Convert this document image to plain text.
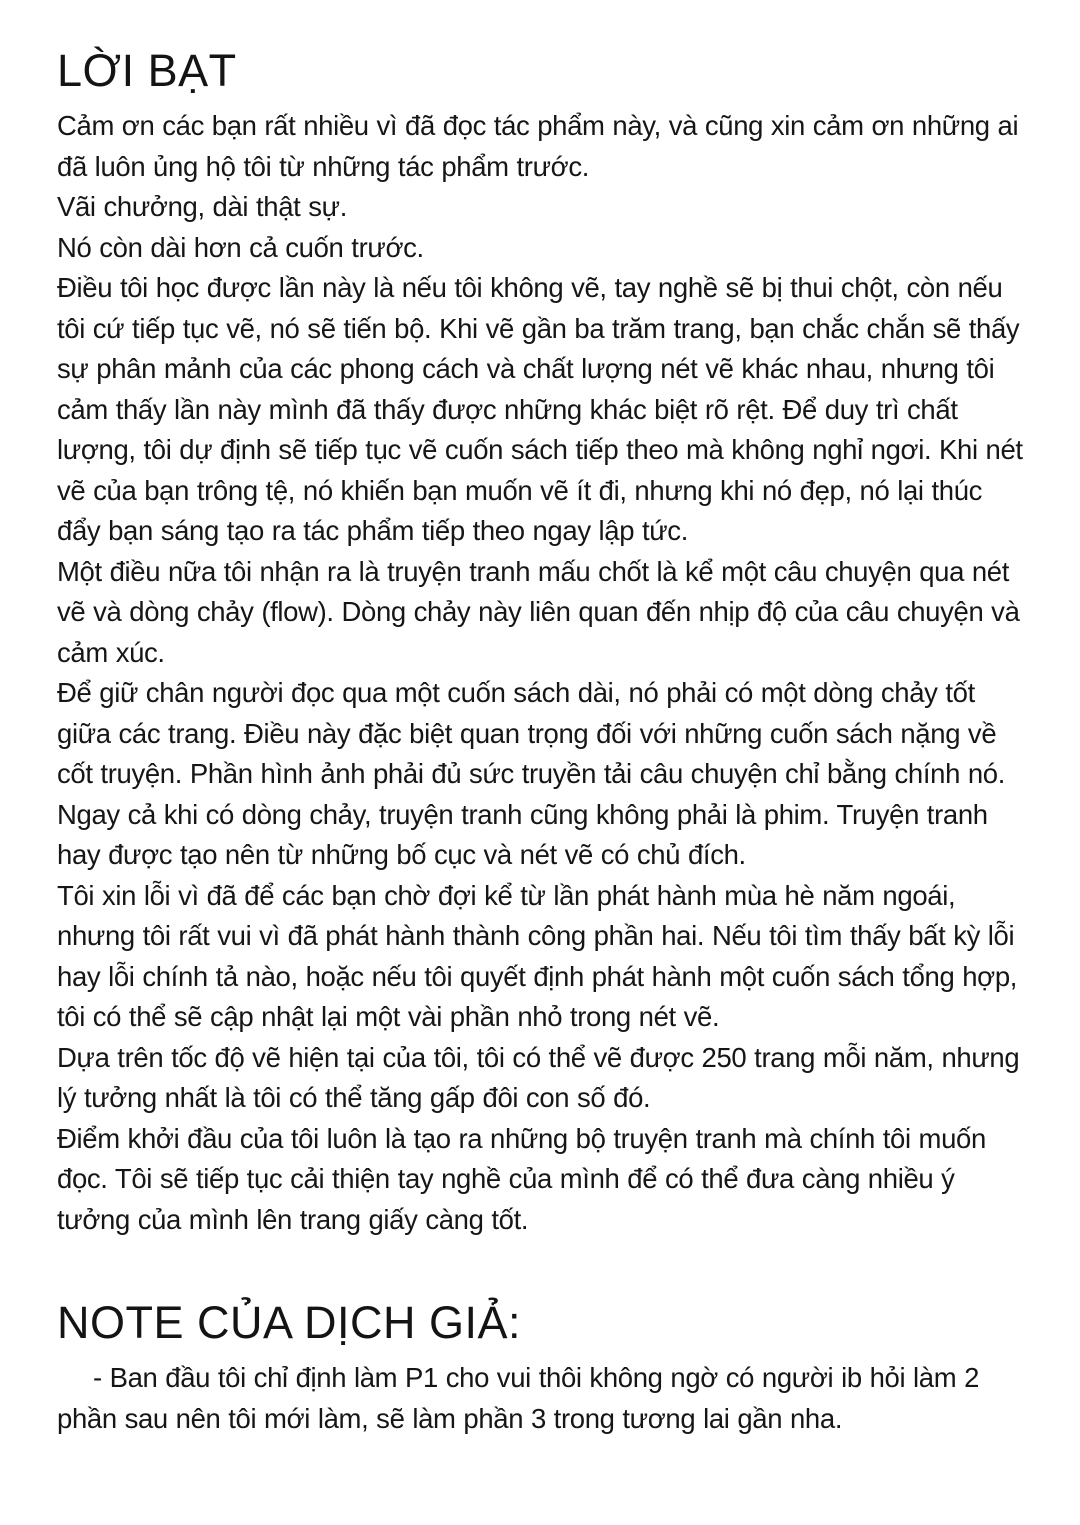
LỜI BẠT

Cảm ơn các bạn rất nhiều vì đã đọc tác phẩm này, và cũng xin cảm ơn những ai đã luôn ủng hộ tôi từ những tác phẩm trước.

Vãi chưởng, dài thật sự.

Nó còn dài hơn cả cuốn trước.

Điều tôi học được lần này là nếu tôi không vẽ, tay nghề sẽ bị thui chột, còn nếu tôi cứ tiếp tục vẽ, nó sẽ tiến bộ. Khi vẽ gần ba trăm trang, bạn chắc chắn sẽ thấy sự phân mảnh của các phong cách và chất lượng nét vẽ khác nhau, nhưng tôi cảm thấy lần này mình đã thấy được những khác biệt rõ rệt. Để duy trì chất lượng, tôi dự định sẽ tiếp tục vẽ cuốn sách tiếp theo mà không nghỉ ngơi. Khi nét vẽ của bạn trông tệ, nó khiến bạn muốn vẽ ít đi, nhưng khi nó đẹp, nó lại thúc đẩy bạn sáng tạo ra tác phẩm tiếp theo ngay lập tức.

Một điều nữa tôi nhận ra là truyện tranh mấu chốt là kể một câu chuyện qua nét vẽ và dòng chảy (flow). Dòng chảy này liên quan đến nhịp độ của câu chuyện và cảm xúc.

Để giữ chân người đọc qua một cuốn sách dài, nó phải có một dòng chảy tốt giữa các trang. Điều này đặc biệt quan trọng đối với những cuốn sách nặng về cốt truyện. Phần hình ảnh phải đủ sức truyền tải câu chuyện chỉ bằng chính nó. Ngay cả khi có dòng chảy, truyện tranh cũng không phải là phim. Truyện tranh hay được tạo nên từ những bố cục và nét vẽ có chủ đích.

Tôi xin lỗi vì đã để các bạn chờ đợi kể từ lần phát hành mùa hè năm ngoái, nhưng tôi rất vui vì đã phát hành thành công phần hai. Nếu tôi tìm thấy bất kỳ lỗi hay lỗi chính tả nào, hoặc nếu tôi quyết định phát hành một cuốn sách tổng hợp, tôi có thể sẽ cập nhật lại một vài phần nhỏ trong nét vẽ.

Dựa trên tốc độ vẽ hiện tại của tôi, tôi có thể vẽ được 250 trang mỗi năm, nhưng lý tưởng nhất là tôi có thể tăng gấp đôi con số đó.

Điểm khởi đầu của tôi luôn là tạo ra những bộ truyện tranh mà chính tôi muốn đọc. Tôi sẽ tiếp tục cải thiện tay nghề của mình để có thể đưa càng nhiều ý tưởng của mình lên trang giấy càng tốt.

NOTE CỦA DỊCH GIẢ:

- Ban đầu tôi chỉ định làm P1 cho vui thôi không ngờ có người ib hỏi làm 2 phần sau nên tôi mới làm, sẽ làm phần 3 trong tương lai gần nha.
